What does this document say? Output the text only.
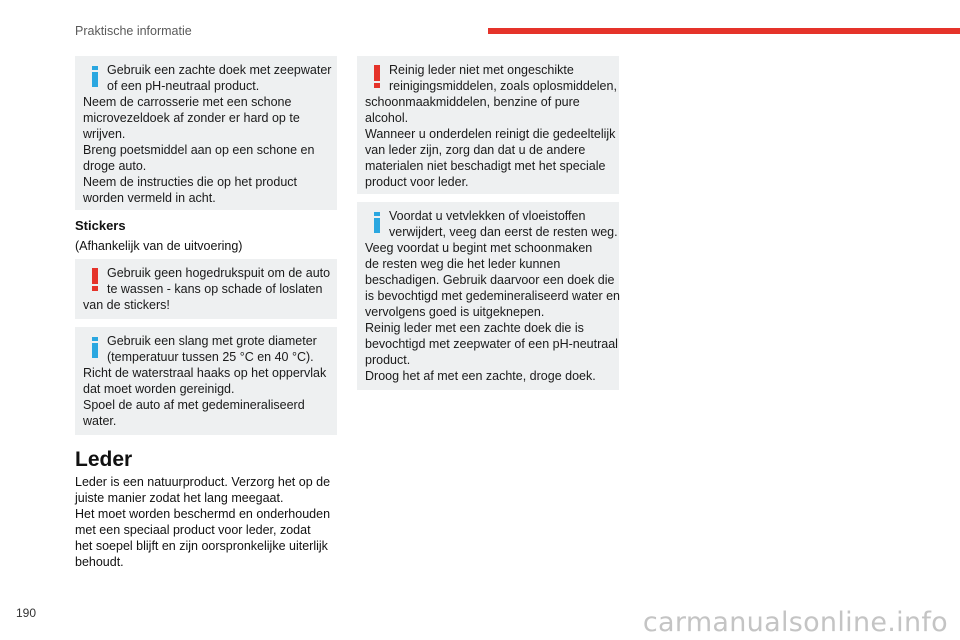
Praktische informatie
Gebruik een zachte doek met zeepwater
of een pH-neutraal product.
Neem de carrosserie met een schone
microvezeldoek af zonder er hard op te
wrijven.
Breng poetsmiddel aan op een schone en
droge auto.
Neem de instructies die op het product
worden vermeld in acht.
Stickers
(Afhankelijk van de uitvoering)
Gebruik geen hogedrukspuit om de auto
te wassen - kans op schade of loslaten
van de stickers!
Gebruik een slang met grote diameter
(temperatuur tussen 25 °C en 40 °C).
Richt de waterstraal haaks op het oppervlak
dat moet worden gereinigd.
Spoel de auto af met gedemineraliseerd
water.
Leder
Leder is een natuurproduct. Verzorg het op de
juiste manier zodat het lang meegaat.
Het moet worden beschermd en onderhouden
met een speciaal product voor leder, zodat
het soepel blijft en zijn oorspronkelijke uiterlijk
behoudt.
Reinig leder niet met ongeschikte
reinigingsmiddelen, zoals oplosmiddelen,
schoonmaakmiddelen, benzine of pure
alcohol.
Wanneer u onderdelen reinigt die gedeeltelijk
van leder zijn, zorg dan dat u de andere
materialen niet beschadigt met het speciale
product voor leder.
Voordat u vetvlekken of vloeistoffen
verwijdert, veeg dan eerst de resten weg.
Veeg voordat u begint met schoonmaken
de resten weg die het leder kunnen
beschadigen. Gebruik daarvoor een doek die
is bevochtigd met gedemineraliseerd water en
vervolgens goed is uitgeknepen.
Reinig leder met een zachte doek die is
bevochtigd met zeepwater of een pH-neutraal
product.
Droog het af met een zachte, droge doek.
190	carmanualsonline.info
